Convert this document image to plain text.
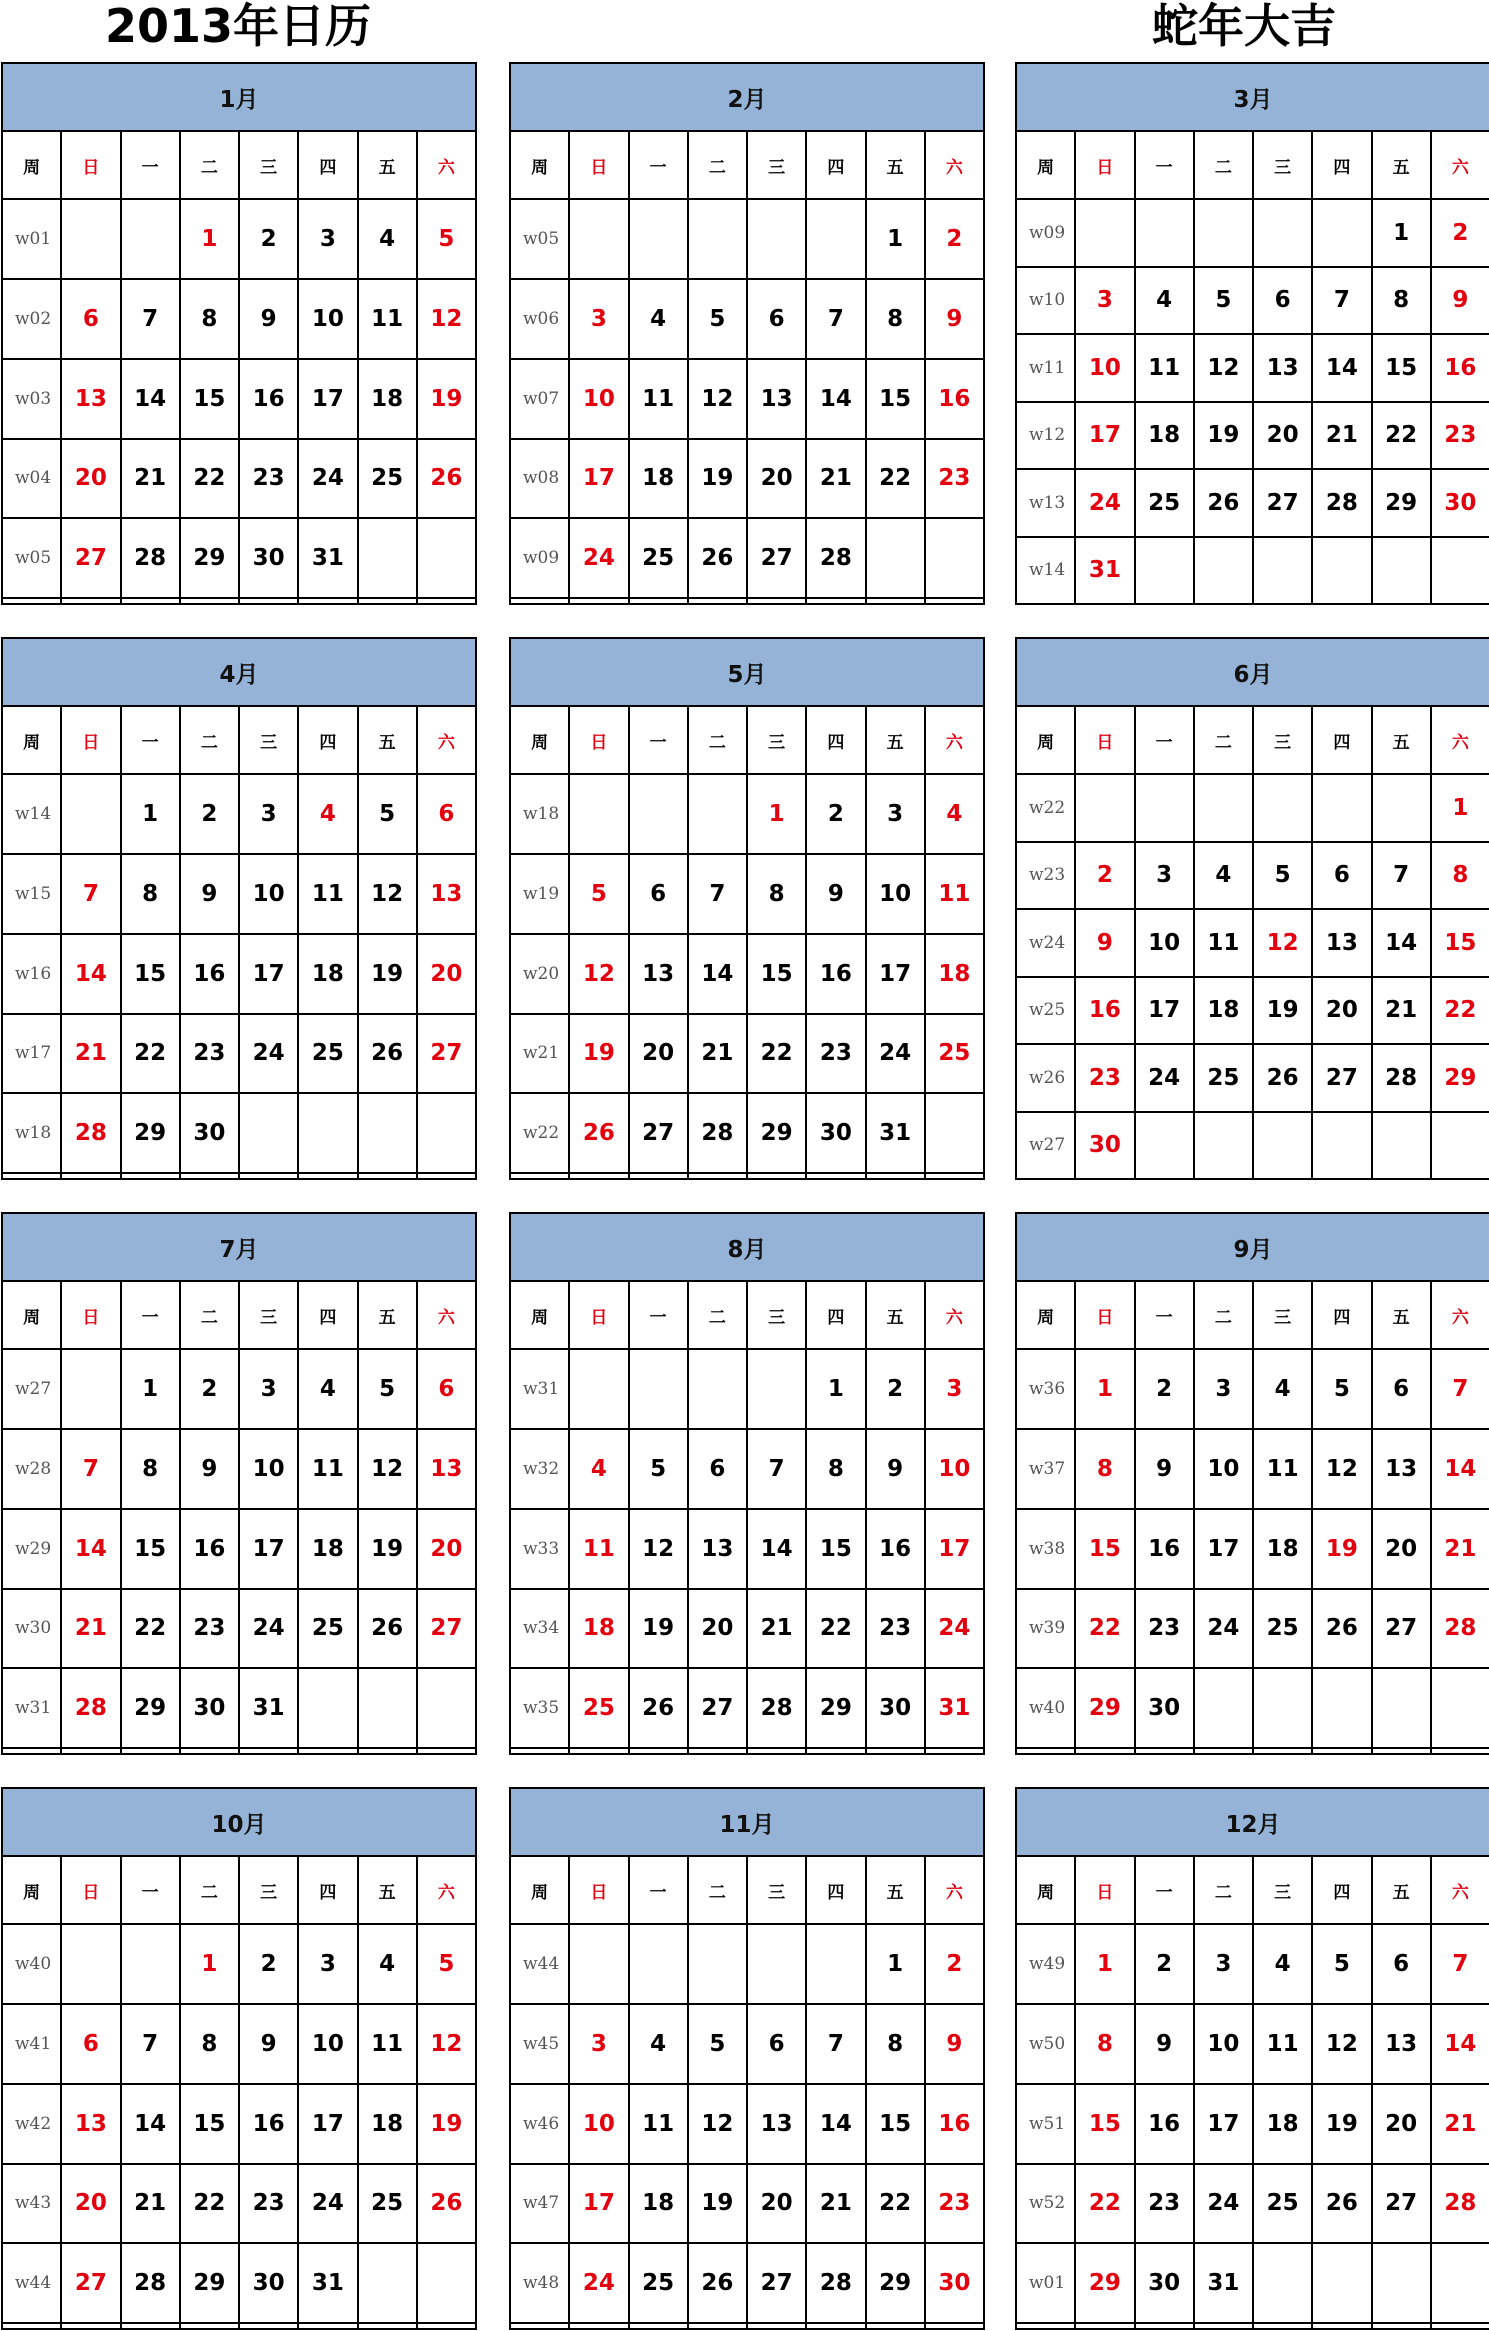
2013年日历	蛇年大吉
1月							
周	日	一	二	三	四	五	六
w01			1	2	3	4	5
w02	6	7	8	9	10	11	12
w03	13	14	15	16	17	18	19
w04	20	21	22	23	24	25	26
w05	27	28	29	30	31		

2月							
周	日	一	二	三	四	五	六
w05						1	2
w06	3	4	5	6	7	8	9
w07	10	11	12	13	14	15	16
w08	17	18	19	20	21	22	23
w09	24	25	26	27	28		

3月							
周	日	一	二	三	四	五	六
w09						1	2
w10	3	4	5	6	7	8	9
w11	10	11	12	13	14	15	16
w12	17	18	19	20	21	22	23
w13	24	25	26	27	28	29	30
w14	31						
4月							
周	日	一	二	三	四	五	六
w14		1	2	3	4	5	6
w15	7	8	9	10	11	12	13
w16	14	15	16	17	18	19	20
w17	21	22	23	24	25	26	27
w18	28	29	30				

5月							
周	日	一	二	三	四	五	六
w18				1	2	3	4
w19	5	6	7	8	9	10	11
w20	12	13	14	15	16	17	18
w21	19	20	21	22	23	24	25
w22	26	27	28	29	30	31	

6月							
周	日	一	二	三	四	五	六
w22							1
w23	2	3	4	5	6	7	8
w24	9	10	11	12	13	14	15
w25	16	17	18	19	20	21	22
w26	23	24	25	26	27	28	29
w27	30						
7月							
周	日	一	二	三	四	五	六
w27		1	2	3	4	5	6
w28	7	8	9	10	11	12	13
w29	14	15	16	17	18	19	20
w30	21	22	23	24	25	26	27
w31	28	29	30	31			

8月							
周	日	一	二	三	四	五	六
w31					1	2	3
w32	4	5	6	7	8	9	10
w33	11	12	13	14	15	16	17
w34	18	19	20	21	22	23	24
w35	25	26	27	28	29	30	31

9月							
周	日	一	二	三	四	五	六
w36	1	2	3	4	5	6	7
w37	8	9	10	11	12	13	14
w38	15	16	17	18	19	20	21
w39	22	23	24	25	26	27	28
w40	29	30					

10月							
周	日	一	二	三	四	五	六
w40			1	2	3	4	5
w41	6	7	8	9	10	11	12
w42	13	14	15	16	17	18	19
w43	20	21	22	23	24	25	26
w44	27	28	29	30	31		

11月							
周	日	一	二	三	四	五	六
w44						1	2
w45	3	4	5	6	7	8	9
w46	10	11	12	13	14	15	16
w47	17	18	19	20	21	22	23
w48	24	25	26	27	28	29	30

12月							
周	日	一	二	三	四	五	六
w49	1	2	3	4	5	6	7
w50	8	9	10	11	12	13	14
w51	15	16	17	18	19	20	21
w52	22	23	24	25	26	27	28
w01	29	30	31				
